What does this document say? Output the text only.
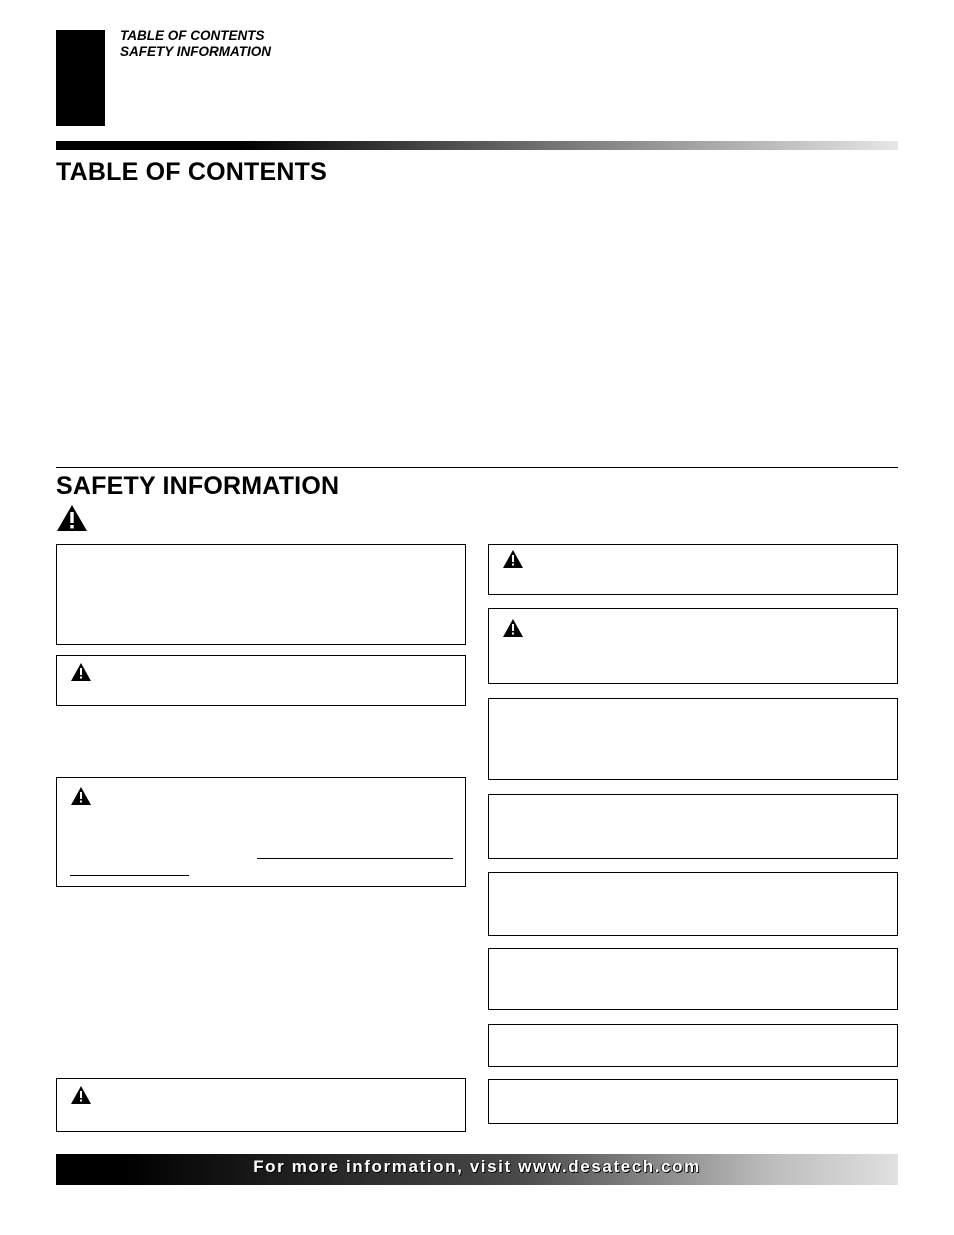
TABLE OF CONTENTS
SAFETY INFORMATION
TABLE OF CONTENTS
SAFETY INFORMATION
For more information, visit www.desatech.com
